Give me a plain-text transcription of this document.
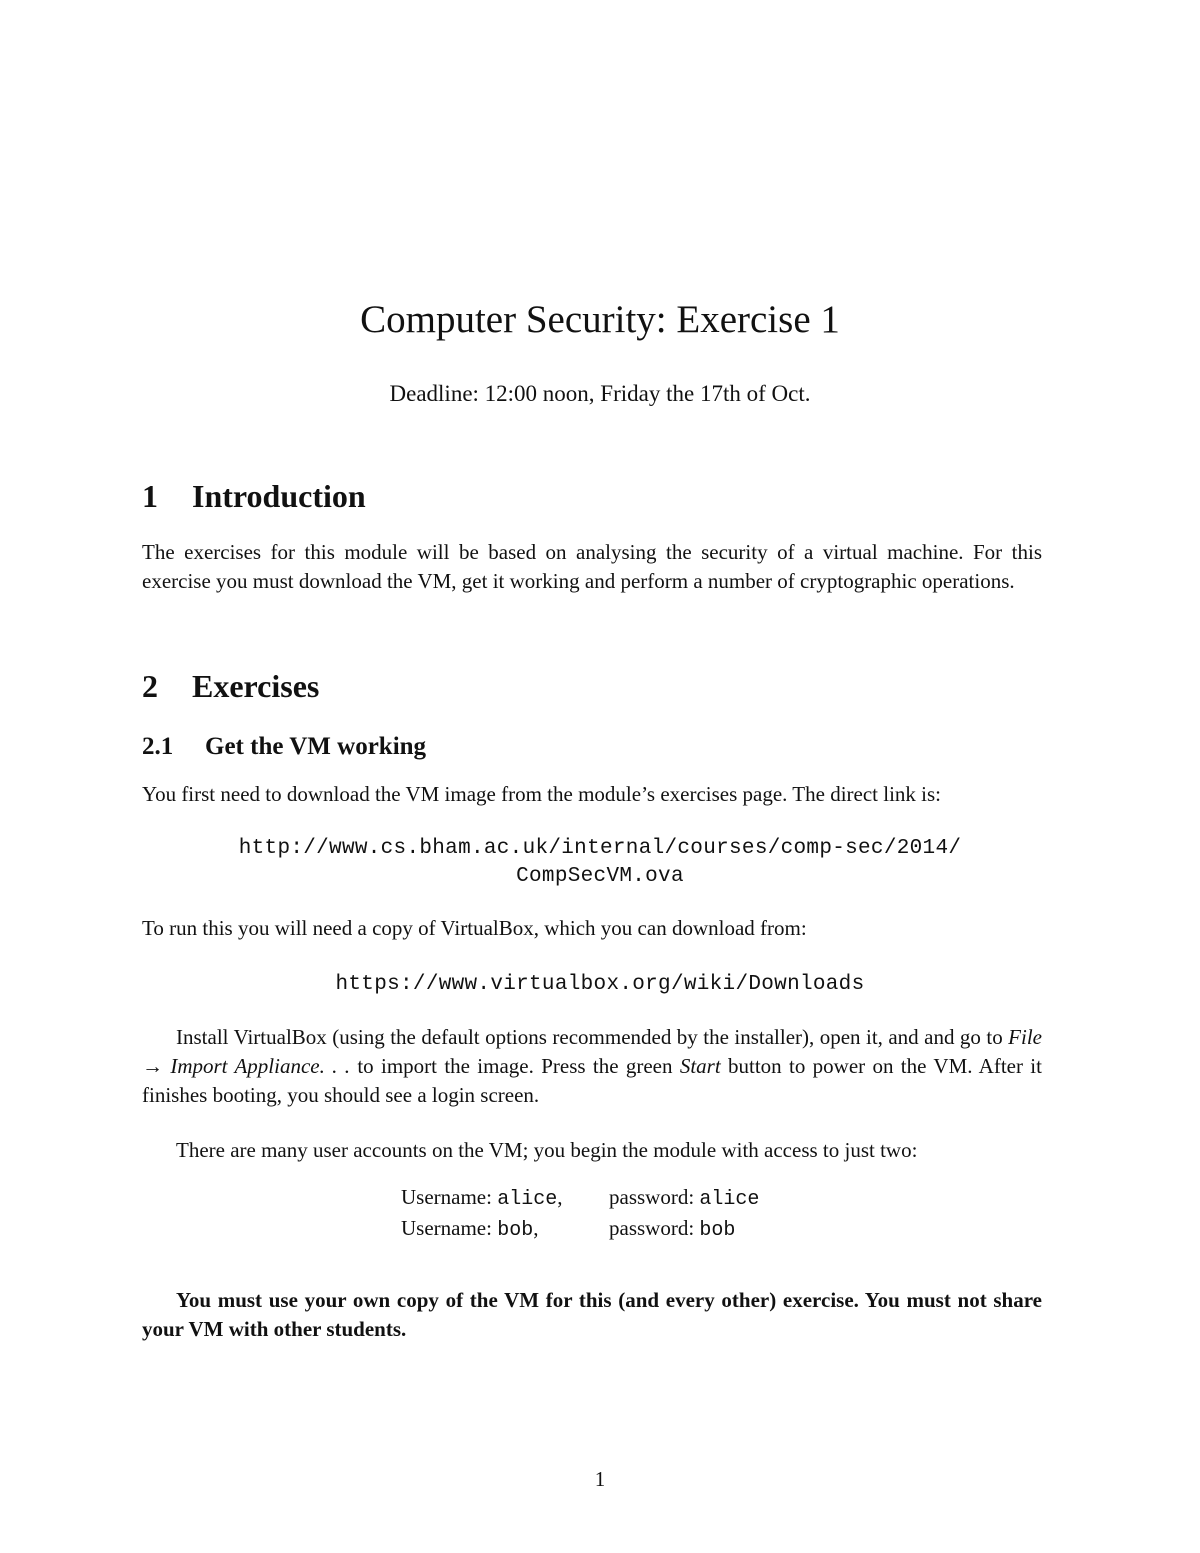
Computer Security: Exercise 1
Deadline: 12:00 noon, Friday the 17th of Oct.
1 Introduction

The exercises for this module will be based on analysing the security of a virtual machine. For this exercise you must download the VM, get it working and perform a number of cryptographic operations.

2 Exercises
2.1 Get the VM working

You first need to download the VM image from the module’s exercises page. The direct link is:

http://www.cs.bham.ac.uk/internal/courses/comp-sec/2014/
CompSecVM.ova

To run this you will need a copy of VirtualBox, which you can download from:

https://www.virtualbox.org/wiki/Downloads

Install VirtualBox (using the default options recommended by the installer), open it, and and go to File → Import Appliance. . . to import the image. Press the green Start button to power on the VM. After it finishes booting, you should see a login screen.

There are many user accounts on the VM; you begin the module with access to just two:

Username: alice,	password: alice
Username: bob,	password: bob

You must use your own copy of the VM for this (and every other) exercise. You must not share your VM with other students.

1
